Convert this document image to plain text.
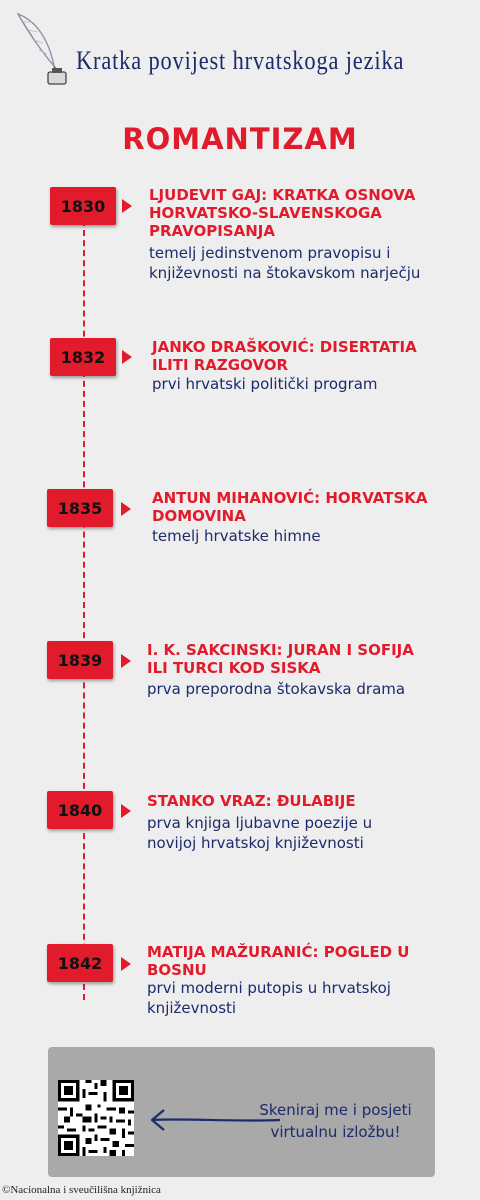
Kratka povijest hrvatskoga jezika
ROMANTIZAM
1830
LJUDEVIT GAJ: KRATKA OSNOVA HORVATSKO-SLAVENSKOGA PRAVOPISANJA
temelj jedinstvenom pravopisu i književnosti na štokavskom narječju
1832
JANKO DRAŠKOVIĆ: DISERTATIA ILITI RAZGOVOR
prvi hrvatski politički program
1835
ANTUN MIHANOVIĆ: HORVATSKA DOMOVINA
temelj hrvatske himne
1839
I. K. SAKCINSKI: JURAN I SOFIJA ILI TURCI KOD SISKA
prva preporodna štokavska drama
1840	STANKO VRAZ: ĐULABIJE
prva knjiga ljubavne poezije u novijoj hrvatskoj književnosti
1842
MATIJA MAŽURANIĆ: POGLED U BOSNU
prvi moderni putopis u hrvatskoj književnosti
Skeniraj me i posjeti virtualnu izložbu!
©Nacionalna i sveučilišna knjižnica
